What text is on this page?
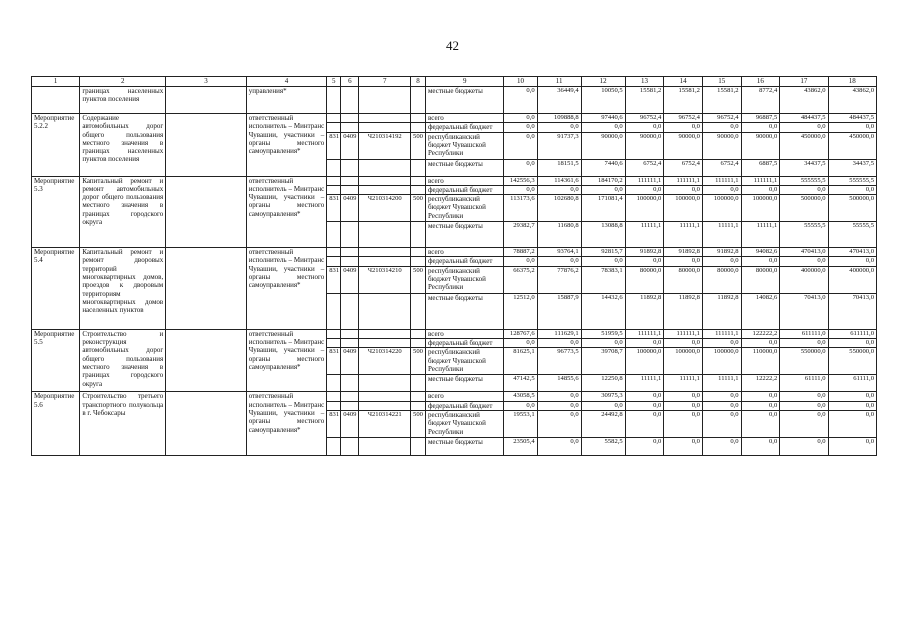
42
1	2	3	4	5	6	7	8	9	10	11	12	13	14	15	16	17	18
	границах населенных пунктов поселения		управления*					местные бюджеты	0,0	36449,4	10050,5	15581,2	15581,2	15581,2	8772,4	43862,0	43862,0
Мероприятие 5.2.2	Содержание автомобильных дорог общего пользования местного значения в границах населенных пунктов поселения		ответственный исполнитель – Минтранс Чувашии, участники – органы местного самоуправления*					всего	0,0	109888,8	97440,6	96752,4	96752,4	96752,4	96887,5	484437,5	484437,5
								федеральный бюджет	0,0	0,0	0,0	0,0	0,0	0,0	0,0	0,0	0,0
				831	0409	Ч210314192	500	республиканский бюджет Чувашской Республики	0,0	91737,3	90000,0	90000,0	90000,0	90000,0	90000,0	450000,0	450000,0
								местные бюджеты	0,0	18151,5	7440,6	6752,4	6752,4	6752,4	6887,5	34437,5	34437,5
Мероприятие 5.3	Капитальный ремонт и ремонт автомобильных дорог общего пользования местного значения в границах городского округа		ответственный исполнитель – Минтранс Чувашии, участники – органы местного самоуправления*					всего	142556,3	114361,6	184170,2	111111,1	111111,1	111111,1	111111,1	555555,5	555555,5
								федеральный бюджет	0,0	0,0	0,0	0,0	0,0	0,0	0,0	0,0	0,0
				831	0409	Ч210314200	500	республиканский бюджет Чувашской Республики	113173,6	102680,8	171081,4	100000,0	100000,0	100000,0	100000,0	500000,0	500000,0
								местные бюджеты	29382,7	11680,8	13088,8	11111,1	11111,1	11111,1	11111,1	55555,5	55555,5
Мероприятие 5.4	Капитальный ремонт и ремонт дворовых территорий многоквартирных домов, проездов к дворовым территориям многоквартирных домов населенных пунктов		ответственный исполнитель – Минтранс Чувашии, участники – органы местного самоуправления*					всего	78887,2	93764,1	92815,7	91892,8	91892,8	91892,8	94082,6	470413,0	470413,0
								федеральный бюджет	0,0	0,0	0,0	0,0	0,0	0,0	0,0	0,0	0,0
				831	0409	Ч210314210	500	республиканский бюджет Чувашской Республики	66375,2	77876,2	78383,1	80000,0	80000,0	80000,0	80000,0	400000,0	400000,0
								местные бюджеты	12512,0	15887,9	14432,6	11892,8	11892,8	11892,8	14082,6	70413,0	70413,0
Мероприятие 5.5	Строительство и реконструкция автомобильных дорог общего пользования местного значения в границах городского округа		ответственный исполнитель – Минтранс Чувашии, участники – органы местного самоуправления*					всего	128767,6	111629,1	51959,5	111111,1	111111,1	111111,1	122222,2	611111,0	611111,0
								федеральный бюджет	0,0	0,0	0,0	0,0	0,0	0,0	0,0	0,0	0,0
				831	0409	Ч210314220	500	республиканский бюджет Чувашской Республики	81625,1	96773,5	39708,7	100000,0	100000,0	100000,0	110000,0	550000,0	550000,0
								местные бюджеты	47142,5	14855,6	12250,8	11111,1	11111,1	11111,1	12222,2	61111,0	61111,0
Мероприятие 5.6	Строительство третьего транспортного полукольца в г. Чебоксары		ответственный исполнитель – Минтранс Чувашии, участники – органы местного самоуправления*					всего	43058,5	0,0	30975,3	0,0	0,0	0,0	0,0	0,0	0,0
								федеральный бюджет	0,0	0,0	0,0	0,0	0,0	0,0	0,0	0,0	0,0
				831	0409	Ч210314221	500	республиканский бюджет Чувашской Республики	19553,1	0,0	24492,8	0,0	0,0	0,0	0,0	0,0	0,0
								местные бюджеты	23505,4	0,0	5582,5	0,0	0,0	0,0	0,0	0,0	0,0
